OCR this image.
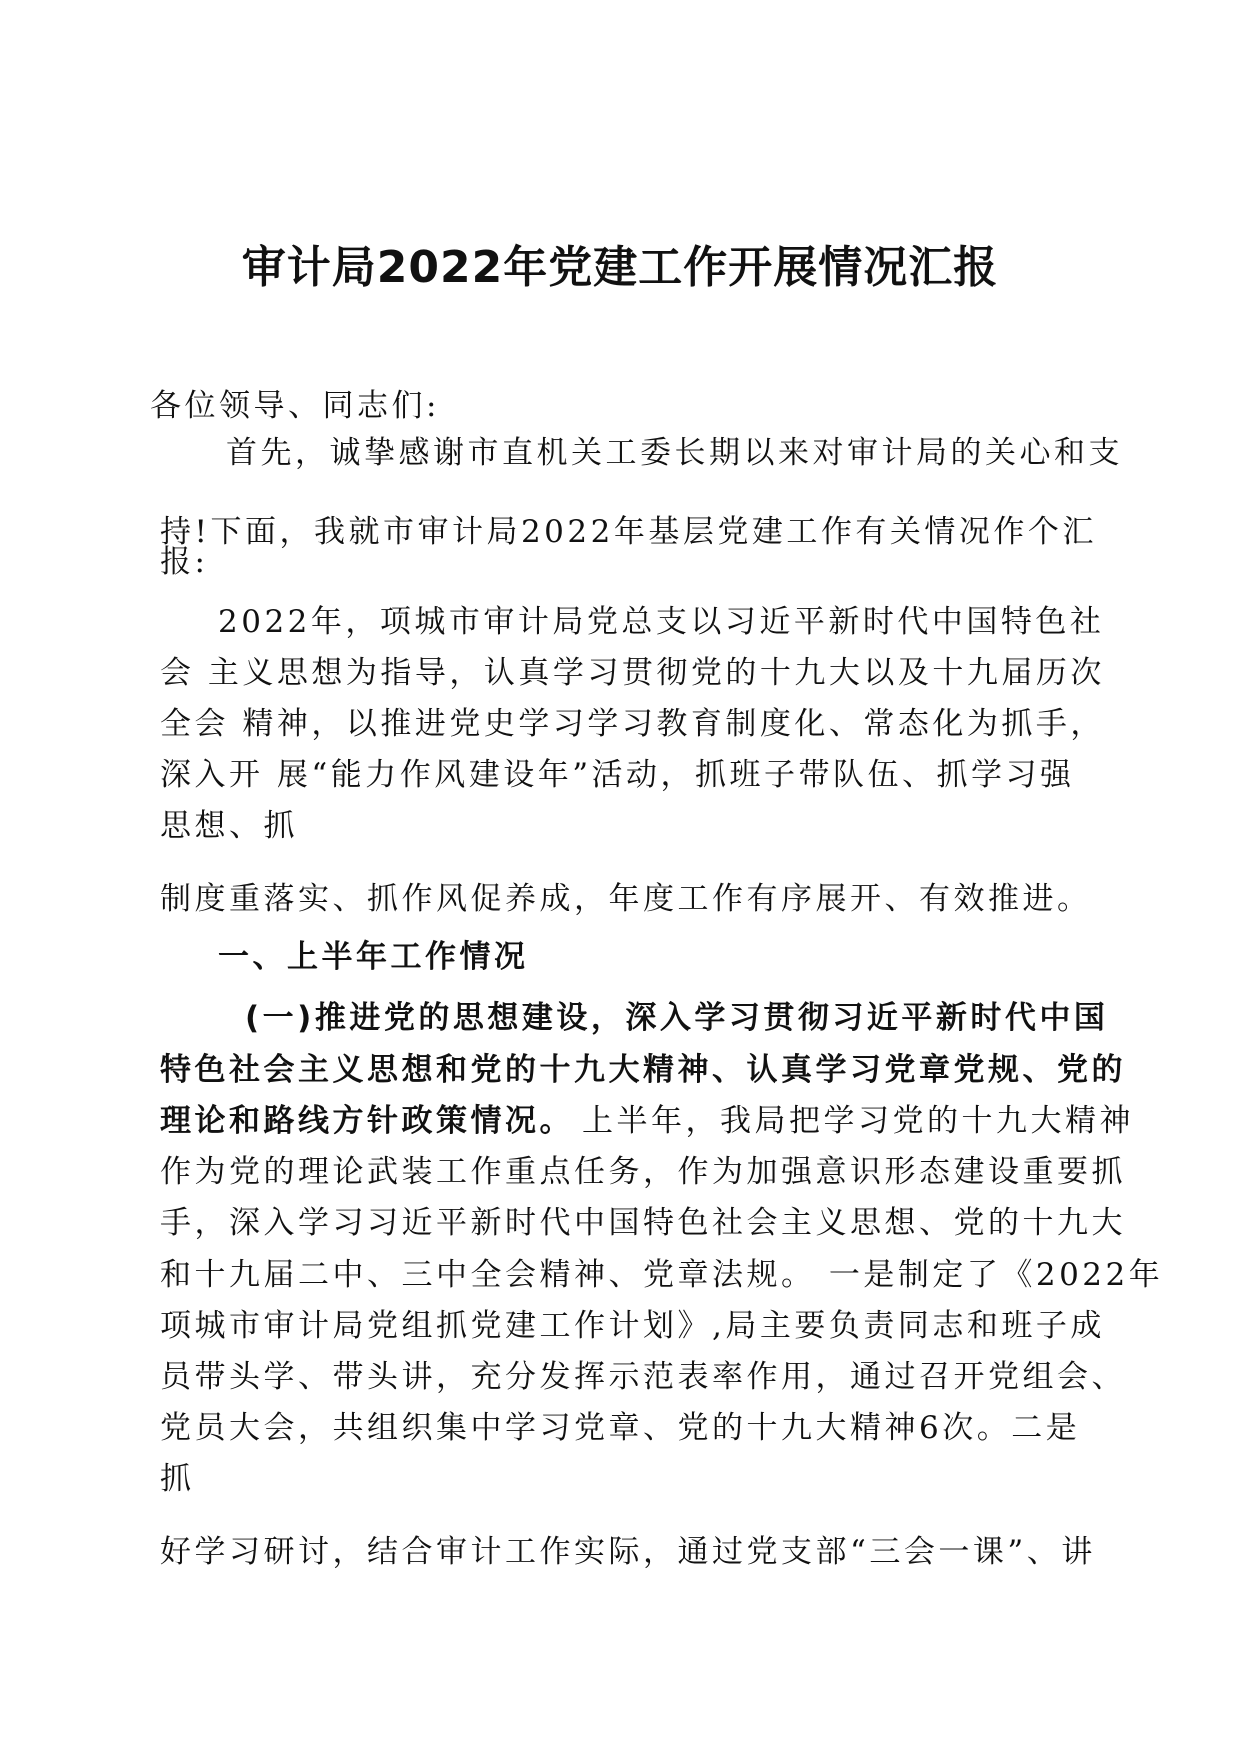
审计局2022年党建工作开展情况汇报

各位领导、同志们:

首先，诚挚感谢市直机关工委长期以来对审计局的关心和支

持!下面，我就市审计局2022年基层党建工作有关情况作个汇

报:

2022年，项城市审计局党总支以习近平新时代中国特色社

会 主义思想为指导，认真学习贯彻党的十九大以及十九届历次

全会 精神，以推进党史学习学习教育制度化、常态化为抓手，

深入开 展“能力作风建设年”活动，抓班子带队伍、抓学习强

思想、抓

制度重落实、抓作风促养成，年度工作有序展开、有效推进。

一、上半年工作情况

(一)推进党的思想建设，深入学习贯彻习近平新时代中国

特色社会主义思想和党的十九大精神、认真学习党章党规、党的

理论和路线方针政策情况。 上半年，我局把学习党的十九大精神

作为党的理论武装工作重点任务，作为加强意识形态建设重要抓

手，深入学习习近平新时代中国特色社会主义思想、党的十九大

和十九届二中、三中全会精神、党章法规。 一是制定了《2022年

项城市审计局党组抓党建工作计划》,局主要负责同志和班子成

员带头学、带头讲，充分发挥示范表率作用，通过召开党组会、

党员大会，共组织集中学习党章、党的十九大精神6次。二是

抓

好学习研讨，结合审计工作实际，通过党支部“三会一课”、讲
